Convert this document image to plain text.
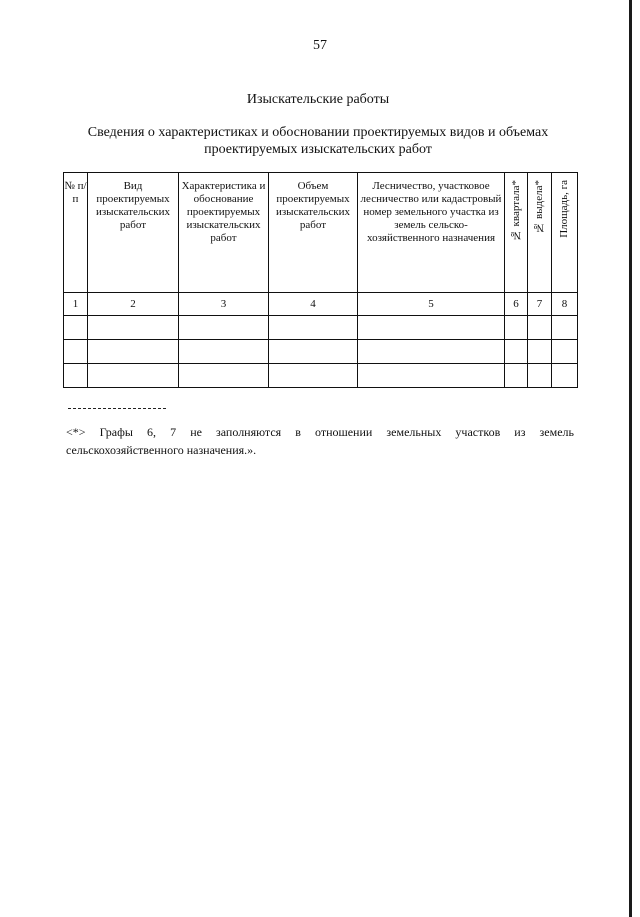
57
Изыскательские работы
Сведения о характеристиках и обосновании проектируемых видов и объемах проектируемых изыскательских работ
№ п/п	Вид проектируемых изыскательских работ	Характеристика и обоснование проектируемых изыскательских работ	Объем проектируемых изыскательских работ	Лесничество, участковое лесничество или кадастровый номер земельного участка из земель сельско-хозяйственного назначения	№ квартала*	№ выдела*	Площадь, га
1	2	3	4	5	6	7	8

<*> Графы 6, 7 не заполняются в отношении земельных участков из земель
сельскохозяйственного назначения.».
